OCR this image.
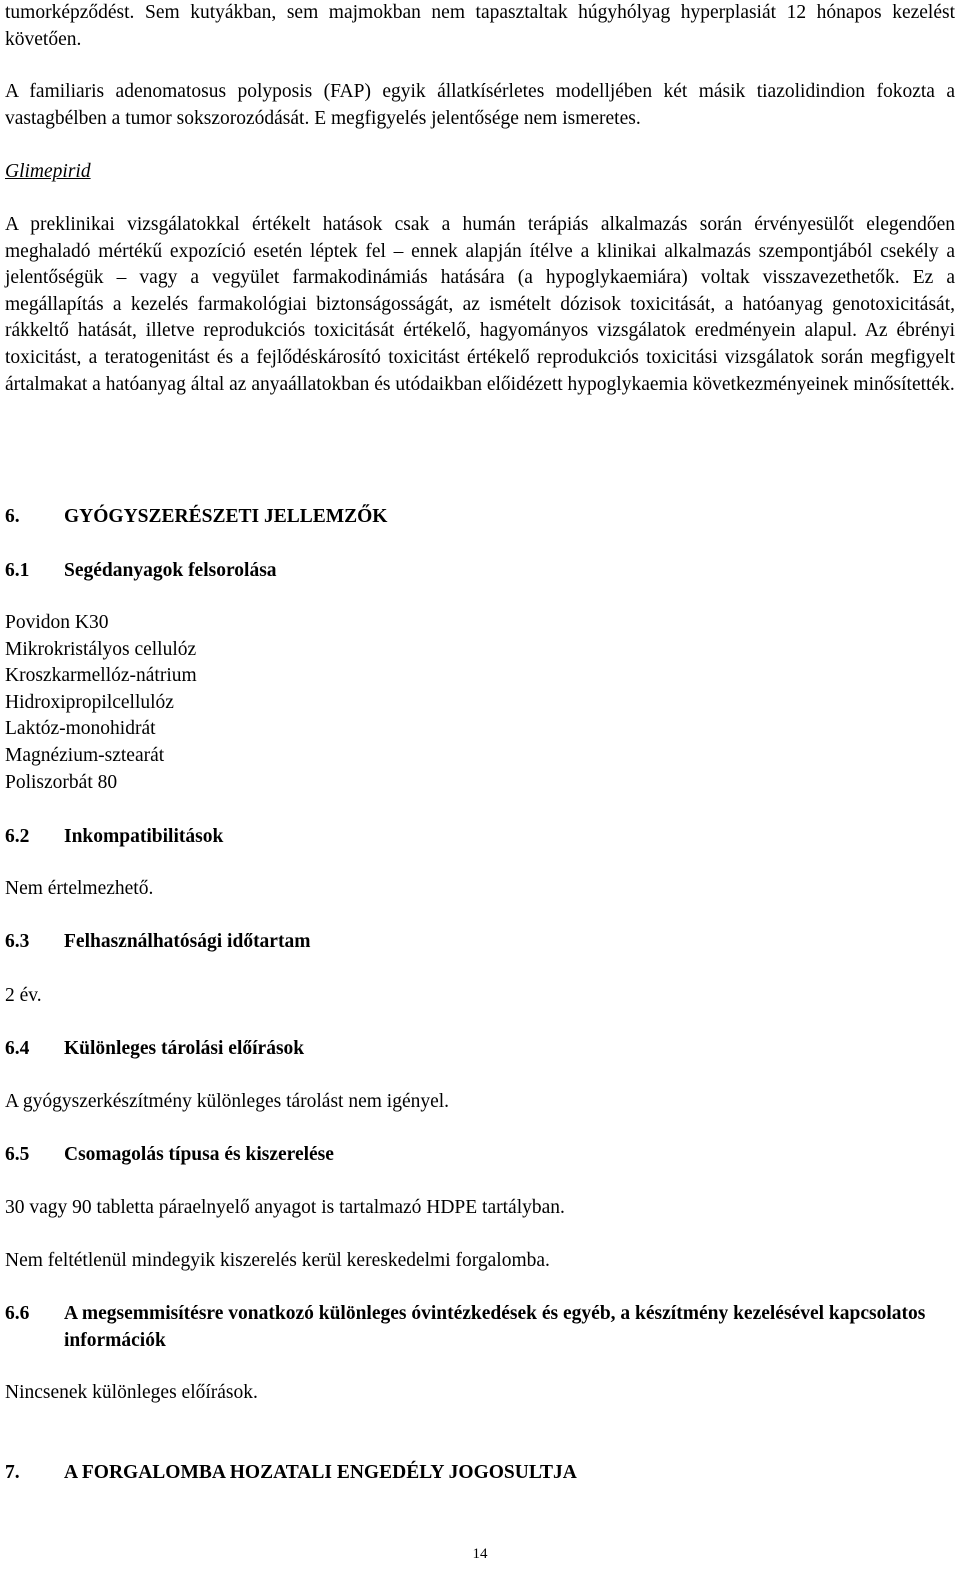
tumorképződést. Sem kutyákban, sem majmokban nem tapasztaltak húgyhólyag hyperplasiát 12 hónapos kezelést követően.

A familiaris adenomatosus polyposis (FAP) egyik állatkísérletes modelljében két másik tiazolidindion fokozta a vastagbélben a tumor sokszorozódását. E megfigyelés jelentősége nem ismeretes.

Glimepirid

A preklinikai vizsgálatokkal értékelt hatások csak a humán terápiás alkalmazás során érvényesülőt elegendően meghaladó mértékű expozíció esetén léptek fel – ennek alapján ítélve a klinikai alkalmazás szempontjából csekély a jelentőségük – vagy a vegyület farmakodinámiás hatására (a hypoglykaemiára) voltak visszavezethetők. Ez a megállapítás a kezelés farmakológiai biztonságosságát, az ismételt dózisok toxicitását, a hatóanyag genotoxicitását, rákkeltő hatását, illetve reprodukciós toxicitását értékelő, hagyományos vizsgálatok eredményein alapul. Az ébrényi toxicitást, a teratogenitást és a fejlődéskárosító toxicitást értékelő reprodukciós toxicitási vizsgálatok során megfigyelt ártalmakat a hatóanyag által az anyaállatokban és utódaikban előidézett hypoglykaemia következményeinek minősítették.

6. GYÓGYSZERÉSZETI JELLEMZŐK
6.1 Segédanyagok felsorolása
Povidon K30
Mikrokristályos cellulóz
Kroszkarmellóz-nátrium
Hidroxipropilcellulóz
Laktóz-monohidrát
Magnézium-sztearát
Poliszorbát 80
6.2 Inkompatibilitások

Nem értelmezhető.

6.3 Felhasználhatósági időtartam

2 év.

6.4 Különleges tárolási előírások

A gyógyszerkészítmény különleges tárolást nem igényel.

6.5 Csomagolás típusa és kiszerelése

30 vagy 90 tabletta páraelnyelő anyagot is tartalmazó HDPE tartályban.

Nem feltétlenül mindegyik kiszerelés kerül kereskedelmi forgalomba.

6.6 A megsemmisítésre vonatkozó különleges óvintézkedések és egyéb, a készítmény kezelésével kapcsolatos információk

Nincsenek különleges előírások.

7. A FORGALOMBA HOZATALI ENGEDÉLY JOGOSULTJA
14
